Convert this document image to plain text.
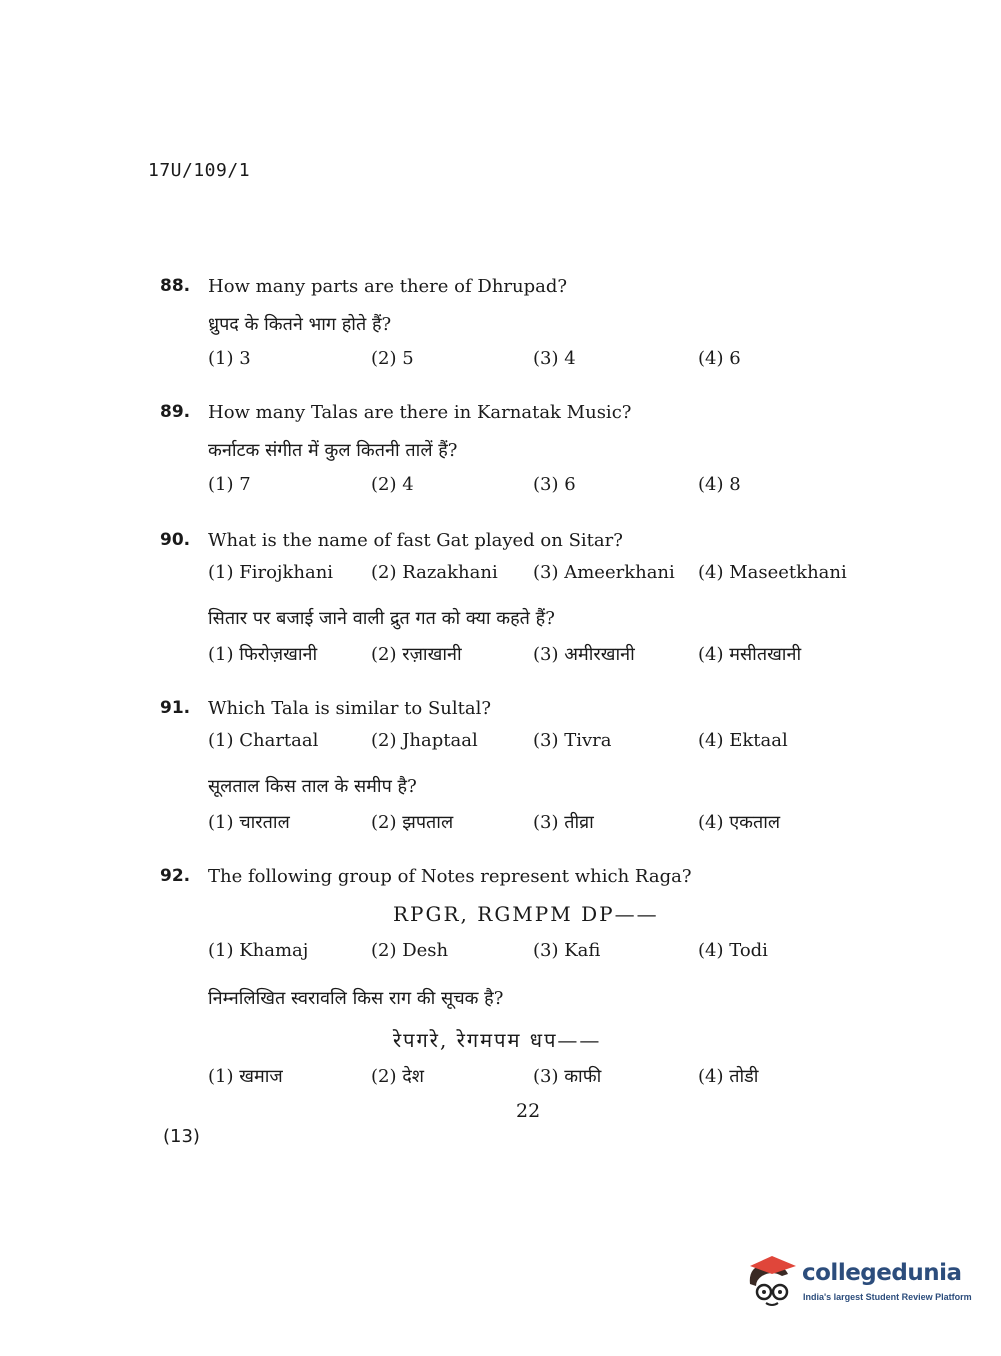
17U/109/1
88. How many parts are there of Dhrupad?
ध्रुपद के कितने भाग होते हैं?
(1) 3	(2) 5	(3) 4	(4) 6
89. How many Talas are there in Karnatak Music?
कर्नाटक संगीत में कुल कितनी तालें हैं?
(1) 7	(2) 4	(3) 6	(4) 8
90. What is the name of fast Gat played on Sitar?
(1) Firojkhani (2) Razakhani (3) Ameerkhani (4) Maseetkhani
सितार पर बजाई जाने वाली द्रुत गत को क्या कहते हैं?
(1) फिरोज़खानी	(2) रज़ाखानी	(3) अमीरखानी	(4) मसीतखानी
91. Which Tala is similar to Sultal?
(1) Chartaal	(2) Jhaptaal	(3) Tivra	(4) Ektaal
सूलताल किस ताल के समीप है?
(1) चारताल	(2) झपताल	(3) तीव्रा	(4) एकताल
92. The following group of Notes represent which Raga?
RPGR, RGMPM DP——
(1) Khamaj	(2) Desh	(3) Kafi	(4) Todi
निम्नलिखित स्वरावलि किस राग की सूचक है?
रेपगरे, रेगमपम धप——
(1) खमाज	(2) देश	(3) काफी	(4) तोडी
22
(13)
collegedunia
India's largest Student Review Platform
